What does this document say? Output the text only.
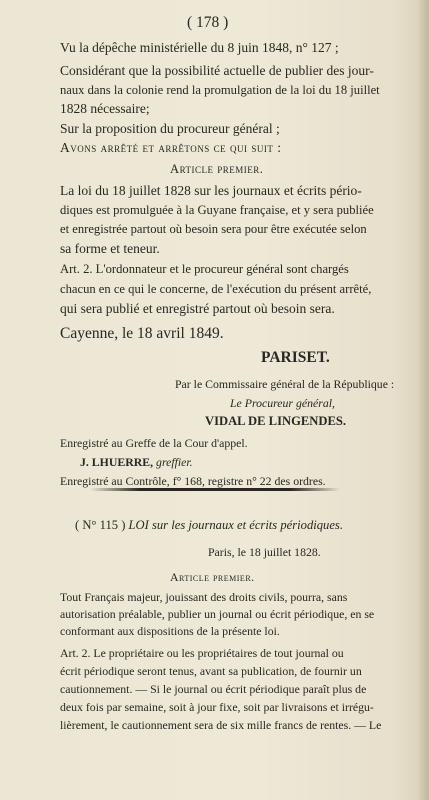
( 178 )
Vu la dépêche ministérielle du 8 juin 1848, n° 127 ;
Considérant que la possibilité actuelle de publier des jour-
naux dans la colonie rend la promulgation de la loi du 18 juillet
1828 nécessaire;
Sur la proposition du procureur général ;
Avons arrêté et arrêtons ce qui suit :
Article premier.
La loi du 18 juillet 1828 sur les journaux et écrits pério-
diques est promulguée à la Guyane française, et y sera publiée
et enregistrée partout où besoin sera pour être exécutée selon
sa forme et teneur.
Art. 2. L'ordonnateur et le procureur général sont chargés
chacun en ce qui le concerne, de l'exécution du présent arrêté,
qui sera publié et enregistré partout où besoin sera.
Cayenne, le 18 avril 1849.
PARISET.
Par le Commissaire général de la République :
Le Procureur général,
VIDAL DE LINGENDES.
Enregistré au Greffe de la Cour d'appel.
J. LHUERRE, greffier.
Enregistré au Contrôle, f° 168, registre n° 22 des ordres.
( N° 115 ) LOI sur les journaux et écrits périodiques.
Paris, le 18 juillet 1828.
Article premier.
Tout Français majeur, jouissant des droits civils, pourra, sans
autorisation préalable, publier un journal ou écrit périodique, en se
conformant aux dispositions de la présente loi.
Art. 2. Le propriétaire ou les propriétaires de tout journal ou
écrit périodique seront tenus, avant sa publication, de fournir un
cautionnement. — Si le journal ou écrit périodique paraît plus de
deux fois par semaine, soit à jour fixe, soit par livraisons et irrégu-
lièrement, le cautionnement sera de six mille francs de rentes. — Le
